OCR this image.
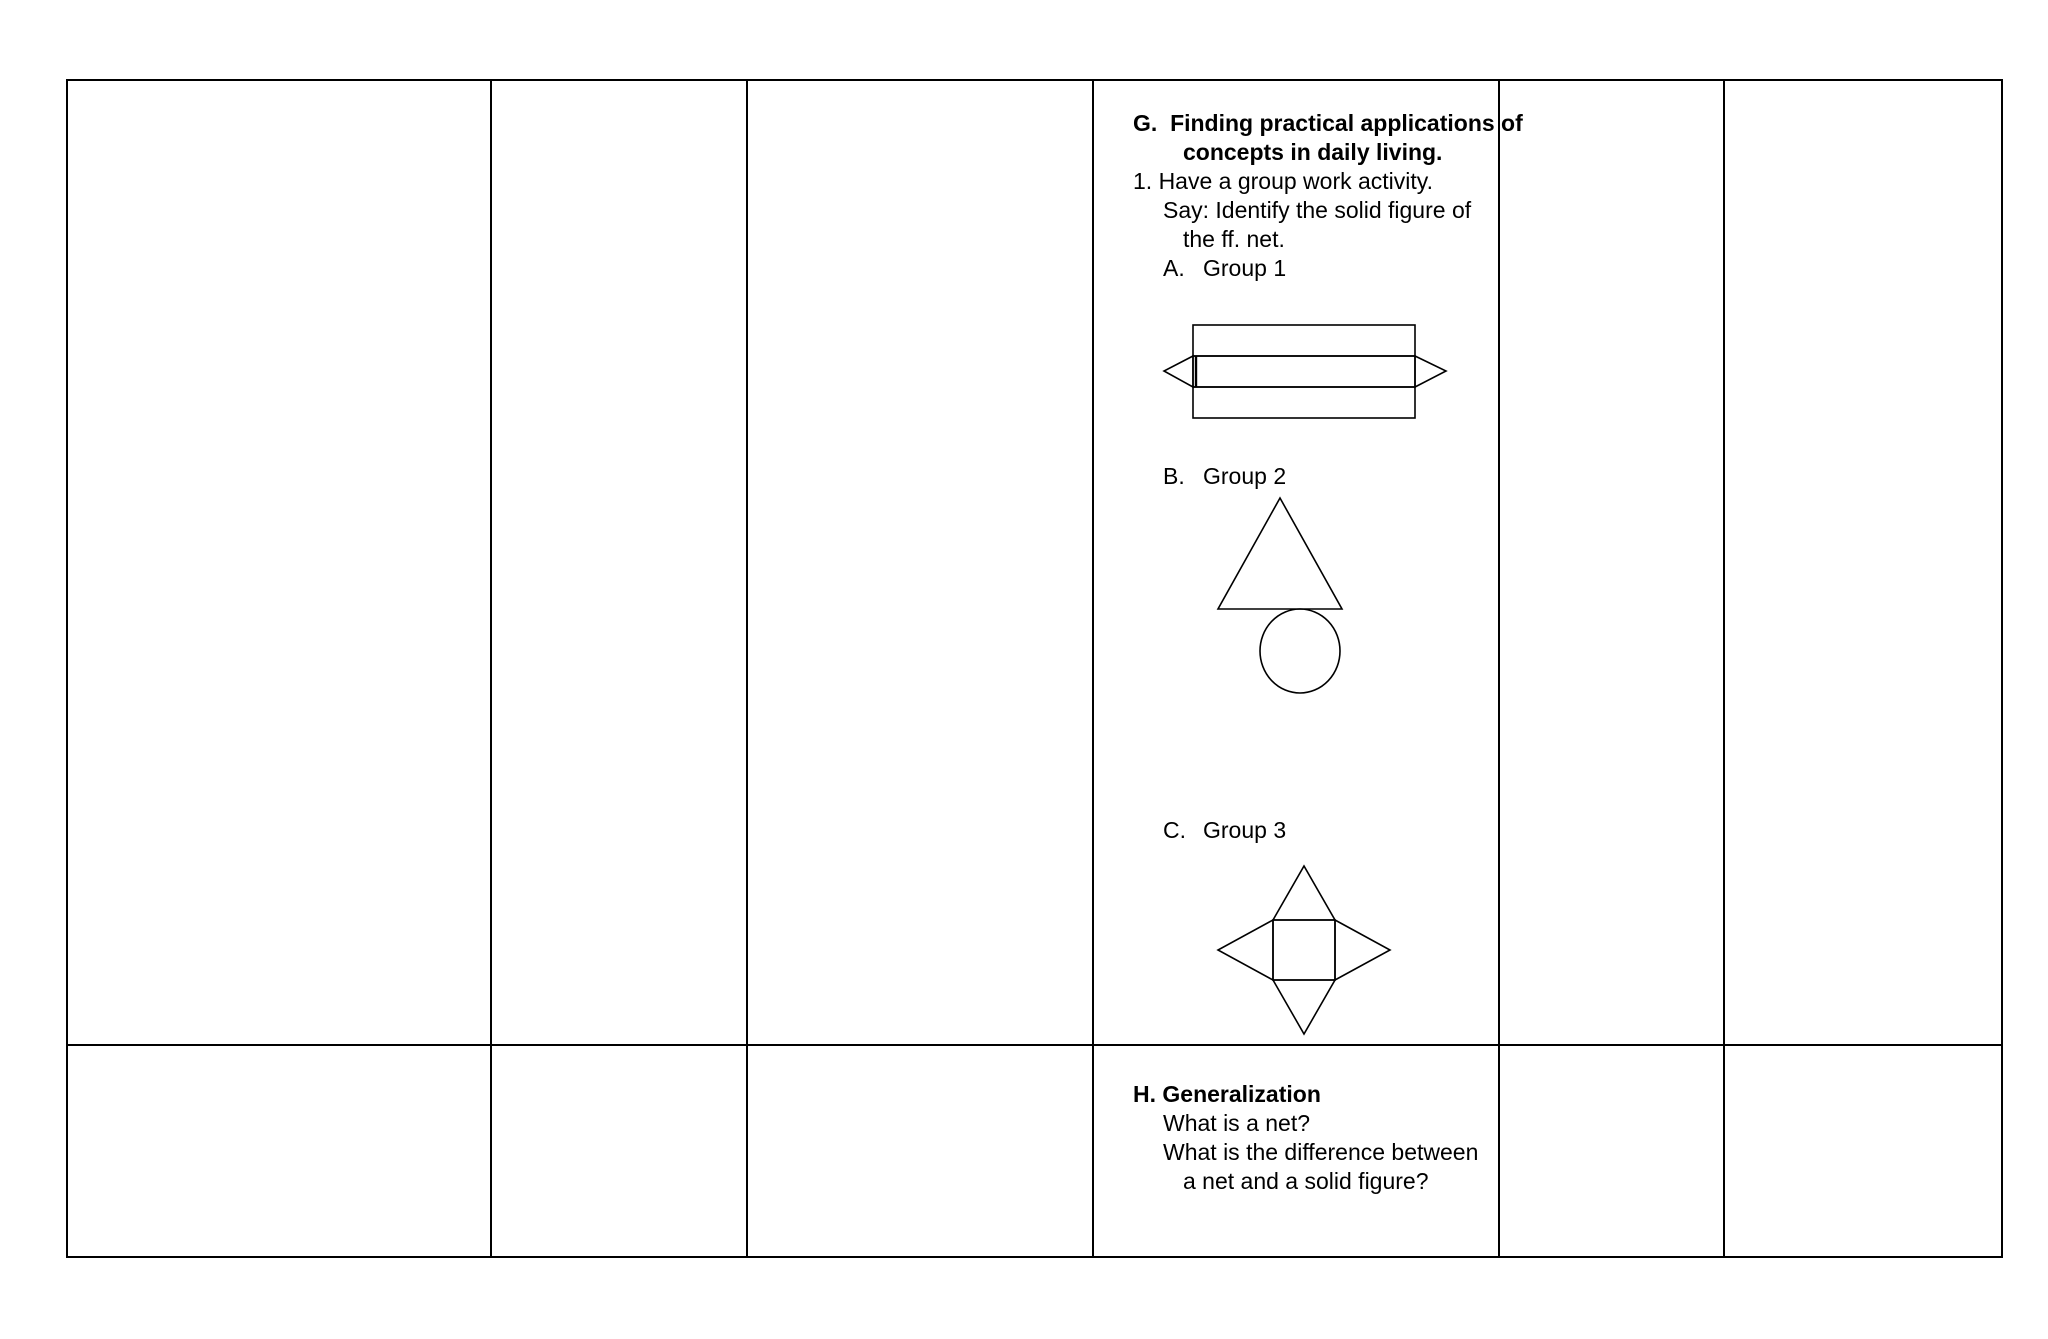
G. Finding practical applications of
concepts in daily living.
1. Have a group work activity.
Say: Identify the solid figure of
the ff. net.
A. Group 1
B. Group 2
C. Group 3
H. Generalization
What is a net?
What is the difference between
a net and a solid figure?
